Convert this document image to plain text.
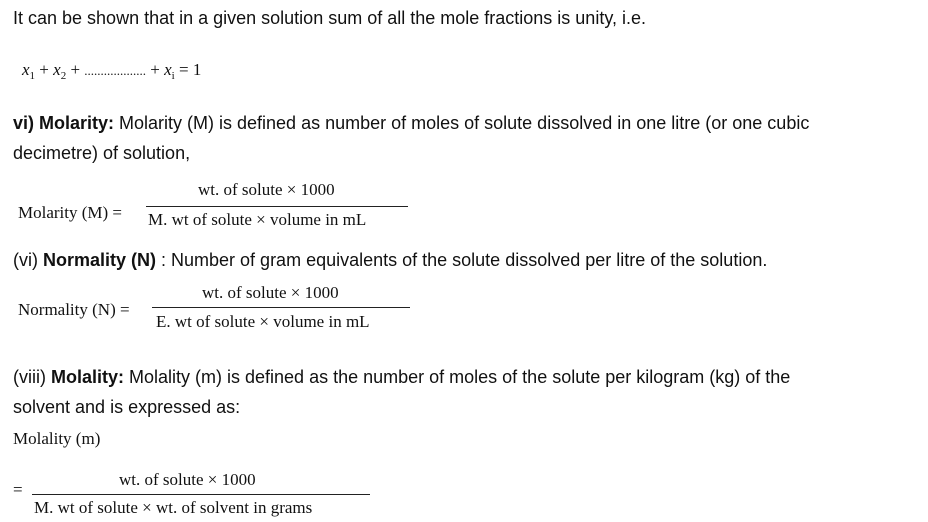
It can be shown that in a given solution sum of all the mole fractions is unity, i.e.
$x_1 + x_2$ + ................... + $x_i = 1$
vi) Molarity: Molarity (M) is defined as number of moles of solute dissolved in one litre (or one cubic
decimetre) of solution,
Molarity (M) =
wt. of solute × 1000
M. wt of solute × volume in mL
(vi) Normality (N) : Number of gram equivalents of the solute dissolved per litre of the solution.
Normality (N) =
wt. of solute × 1000
E. wt of solute × volume in mL
(viii) Molality: Molality (m) is defined as the number of moles of the solute per kilogram (kg) of the
solvent and is expressed as:
Molality (m)
=
wt. of solute × 1000
M. wt of solute × wt. of solvent in grams
